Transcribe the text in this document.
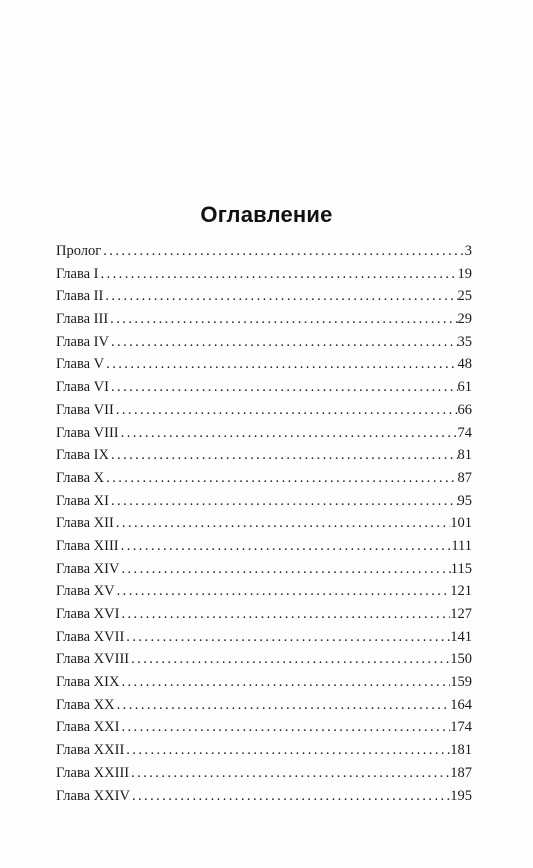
Оглавление
Пролог . . .	3
Глава I . . .	19
Глава II . . .	25
Глава III . . .	29
Глава IV . . .	35
Глава V . . .	48
Глава VI . . .	61
Глава VII . . .	66
Глава VIII . . .	74
Глава IX . . .	81
Глава X . . .	87
Глава XI . . .	95
Глава XII . . .	101
Глава XIII . . .	111
Глава XIV . . .	115
Глава XV . . .	121
Глава XVI . . .	127
Глава XVII . . .	141
Глава XVIII . . .	150
Глава XIX . . .	159
Глава XX . . .	164
Глава XXI . . .	174
Глава XXII . . .	181
Глава XXIII . . .	187
Глава XXIV . . .	195
